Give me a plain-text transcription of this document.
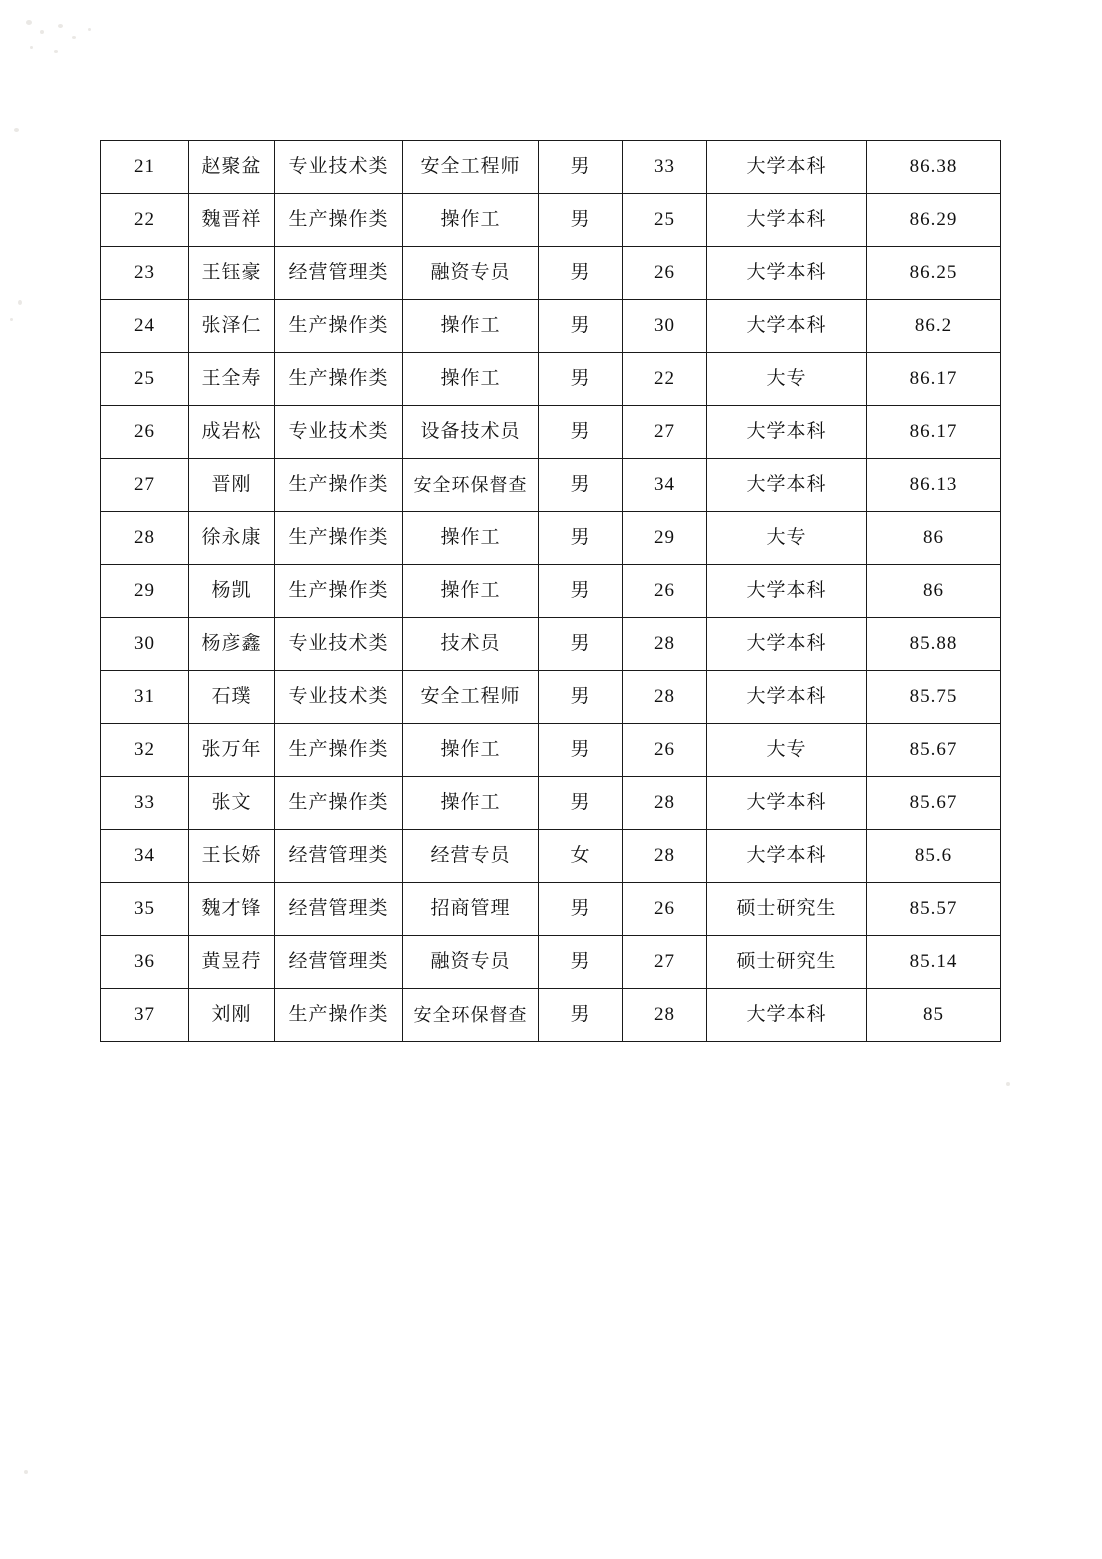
21	赵聚盆	专业技术类	安全工程师	男	33	大学本科	86.38
22	魏晋祥	生产操作类	操作工	男	25	大学本科	86.29
23	王钰豪	经营管理类	融资专员	男	26	大学本科	86.25
24	张泽仁	生产操作类	操作工	男	30	大学本科	86.2
25	王全寿	生产操作类	操作工	男	22	大专	86.17
26	成岩松	专业技术类	设备技术员	男	27	大学本科	86.17
27	晋刚	生产操作类	安全环保督查	男	34	大学本科	86.13
28	徐永康	生产操作类	操作工	男	29	大专	86
29	杨凯	生产操作类	操作工	男	26	大学本科	86
30	杨彦鑫	专业技术类	技术员	男	28	大学本科	85.88
31	石璞	专业技术类	安全工程师	男	28	大学本科	85.75
32	张万年	生产操作类	操作工	男	26	大专	85.67
33	张文	生产操作类	操作工	男	28	大学本科	85.67
34	王长娇	经营管理类	经营专员	女	28	大学本科	85.6
35	魏才锋	经营管理类	招商管理	男	26	硕士研究生	85.57
36	黄昱荇	经营管理类	融资专员	男	27	硕士研究生	85.14
37	刘刚	生产操作类	安全环保督查	男	28	大学本科	85
